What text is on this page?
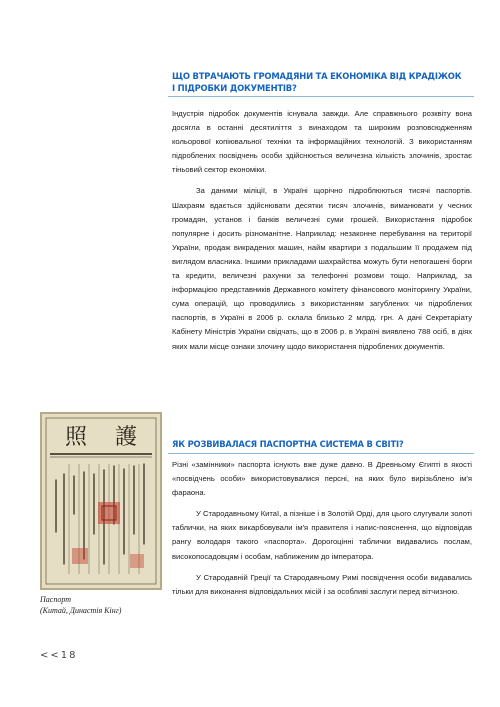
ЩО ВТРАЧАЮТЬ ГРОМАДЯНИ ТА ЕКОНОМІКА ВІД КРАДІЖОК
І ПІДРОБКИ ДОКУМЕНТІВ?

Індустрія підробок документів існувала завжди. Але справжнього розквіту вона досягла в останні десятиліття з винаходом та широким розповсюдженням кольорової копіювальної техніки та інформаційних технологій. З використанням підроблених посвідчень особи здійснюється величезна кількість злочинів, зростає тіньовий сектор економіки.

За даними міліції, в Україні щорічно підроблюються тисячі паспортів. Шахраям вдається здійснювати десятки тисяч злочинів, виманювати у чесних громадян, установ і банків величезні суми грошей. Використання підробок популярне і досить різноманітне. Наприклад: незаконне перебування на території України, продаж викрадених машин, найм квартири з подальшим її продажем під виглядом власника. Іншими прикладами шахрайства можуть бути непогашені борги та кредити, величезні рахунки за телефонні розмови тощо. Наприклад, за інформацією представників Державного комітету фінансового моніторингу України, сума операцій, що проводились з використанням загублених чи підроблених паспортів, в Україні в 2006 р. склала близько 2 млрд. грн. А дані Секретаріату Кабінету Міністрів України свідчать, що в 2006 р. в Україні виявлено 788 осіб, в діях яких мали місце ознаки злочину щодо використання підроблених документів.

照 護
Паспорт
(Китай, Династія Кінг)
ЯК РОЗВИВАЛАСЯ ПАСПОРТНА СИСТЕМА В СВІТІ?

Різні «замінники» паспорта існують вже дуже давно. В Древньому Єгипті в якості «посвідчень особи» використовувалися персні, на яких було вирізьблено ім'я фараона.

У Стародавньому Китаї, а пізніше і в Золотій Орді, для цього слугували золоті таблички, на яких викарбовували ім'я правителя і напис-пояснення, що відповідав рангу володаря такого «паспорта». Дорогоцінні таблички видавались послам, високопосадовцям і особам, наближеним до імператора.

У Стародавній Греції та Стародавньому Римі посвідчення особи видавались тільки для виконання відповідальних місій і за особливі заслуги перед вітчизною.

<<18
